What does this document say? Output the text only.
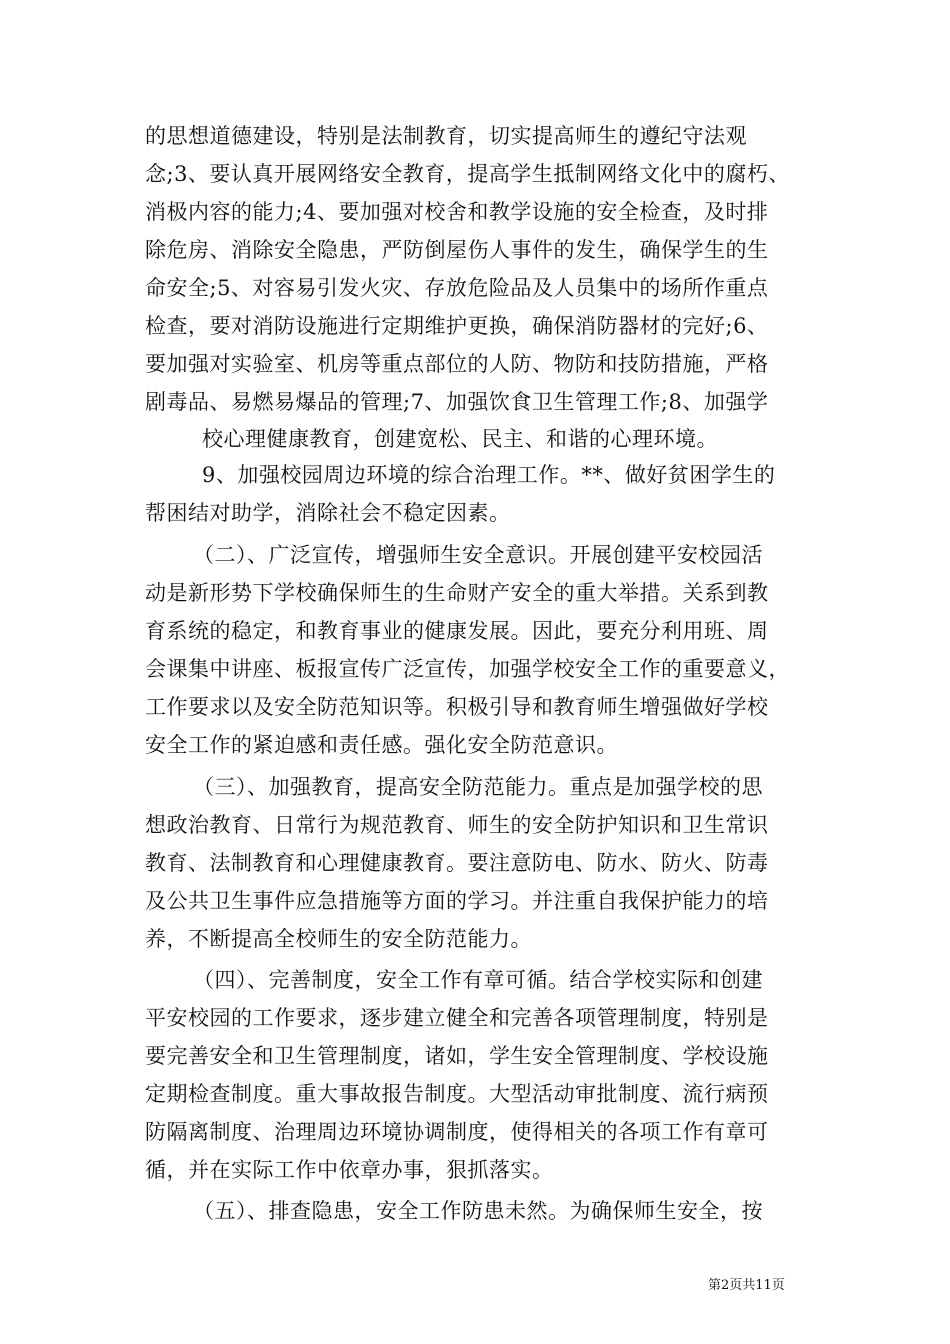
的思想道德建设，特别是法制教育，切实提高师生的遵纪守法观
念;3、要认真开展网络安全教育，提高学生抵制网络文化中的腐朽、
消极内容的能力;4、要加强对校舍和教学设施的安全检查，及时排
除危房、消除安全隐患，严防倒屋伤人事件的发生，确保学生的生
命安全;5、对容易引发火灾、存放危险品及人员集中的场所作重点
检查，要对消防设施进行定期维护更换，确保消防器材的完好;6、
要加强对实验室、机房等重点部位的人防、物防和技防措施，严格
剧毒品、易燃易爆品的管理;7、加强饮食卫生管理工作;8、加强学
校心理健康教育，创建宽松、民主、和谐的心理环境。
9、加强校园周边环境的综合治理工作。**、做好贫困学生的
帮困结对助学，消除社会不稳定因素。
（二）、广泛宣传，增强师生安全意识。开展创建平安校园活
动是新形势下学校确保师生的生命财产安全的重大举措。关系到教
育系统的稳定，和教育事业的健康发展。因此，要充分利用班、周
会课集中讲座、板报宣传广泛宣传，加强学校安全工作的重要意义，
工作要求以及安全防范知识等。积极引导和教育师生增强做好学校
安全工作的紧迫感和责任感。强化安全防范意识。
（三）、加强教育，提高安全防范能力。重点是加强学校的思
想政治教育、日常行为规范教育、师生的安全防护知识和卫生常识
教育、法制教育和心理健康教育。要注意防电、防水、防火、防毒
及公共卫生事件应急措施等方面的学习。并注重自我保护能力的培
养，不断提高全校师生的安全防范能力。
（四）、完善制度，安全工作有章可循。结合学校实际和创建
平安校园的工作要求，逐步建立健全和完善各项管理制度，特别是
要完善安全和卫生管理制度，诸如，学生安全管理制度、学校设施
定期检查制度。重大事故报告制度。大型活动审批制度、流行病预
防隔离制度、治理周边环境协调制度，使得相关的各项工作有章可
循，并在实际工作中依章办事，狠抓落实。
（五）、排查隐患，安全工作防患未然。为确保师生安全，按
第2页共11页
